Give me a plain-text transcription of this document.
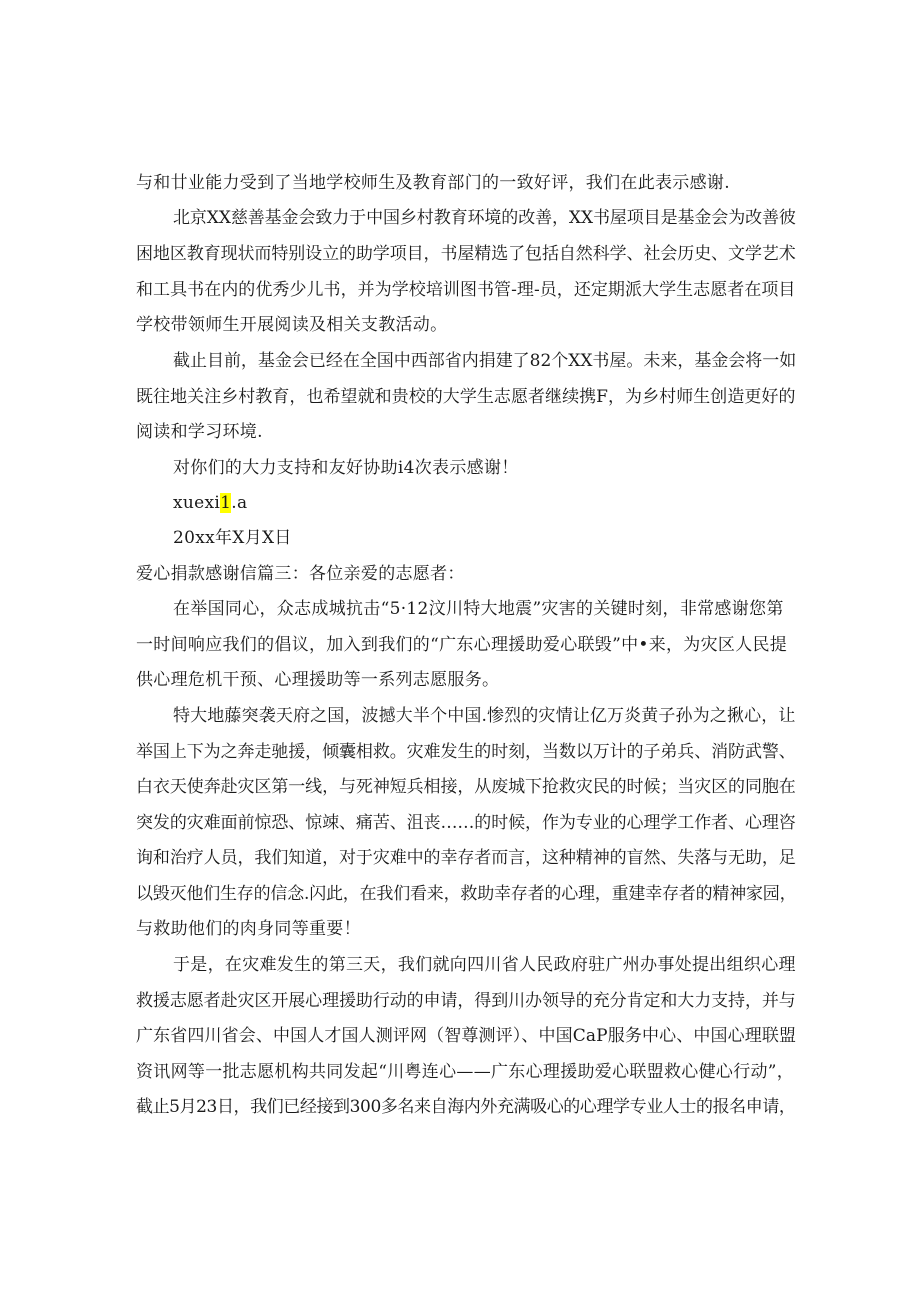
与和廿业能力受到了当地学校师生及教育部门的一致好评，我们在此表示感谢.
北京XX慈善基金会致力于中国乡村教育环境的改善，XX书屋项目是基金会为改善彼
困地区教育现状而特别设立的助学项目，书屋精选了包括自然科学、社会历史、文学艺术
和工具书在内的优秀少儿书，并为学校培训图书管-理-员，还定期派大学生志愿者在项目
学校带领师生开展阅读及相关支教活动。
截止目前，基金会已经在全国中西部省内捐建了82个XX书屋。未来，基金会将一如
既往地关注乡村教育，也希望就和贵校的大学生志愿者继续携F，为乡村师生创造更好的
阅读和学习环境.
对你们的大力支持和友好协助i4次表示感谢！
xuexi1.a
20xx年X月X日
爱心捐款感谢信篇三：各位亲爱的志愿者：
在举国同心，众志成城抗击“5·12汶川特大地震”灾害的关键时刻，非常感谢您第
一时间响应我们的倡议，加入到我们的“广东心理援助爱心联毁”中•来，为灾区人民提
供心理危机干预、心理援助等一系列志愿服务。
特大地藤突袭天府之国，波撼大半个中国.惨烈的灾情让亿万炎黄子孙为之揪心，让
举国上下为之奔走驰援，倾囊相救。灾难发生的时刻，当数以万计的子弟兵、消防武警、
白衣天使奔赴灾区第一线，与死神短兵相接，从废城下抢救灾民的时候；当灾区的同胞在
突发的灾难面前惊恐、惊竦、痛苦、沮丧……的时候，作为专业的心理学工作者、心理咨
询和治疗人员，我们知道，对于灾难中的幸存者而言，这种精神的盲然、失落与无助，足
以毁灭他们生存的信念.闪此，在我们看来，救助幸存者的心理，重建幸存者的精神家园，
与救助他们的肉身同等重要！
于是，在灾难发生的第三天，我们就向四川省人民政府驻广州办事处提出组织心理
救援志愿者赴灾区开展心理援助行动的申请，得到川办领导的充分肯定和大力支持，并与
广东省四川省会、中国人才国人测评网（智尊测评）、中国CaP服务中心、中国心理联盟
资讯网等一批志愿机构共同发起“川粤连心——广东心理援助爱心联盟救心健心行动”，
截止5月23日，我们已经接到300多名来自海内外充满吸心的心理学专业人士的报名申请，
